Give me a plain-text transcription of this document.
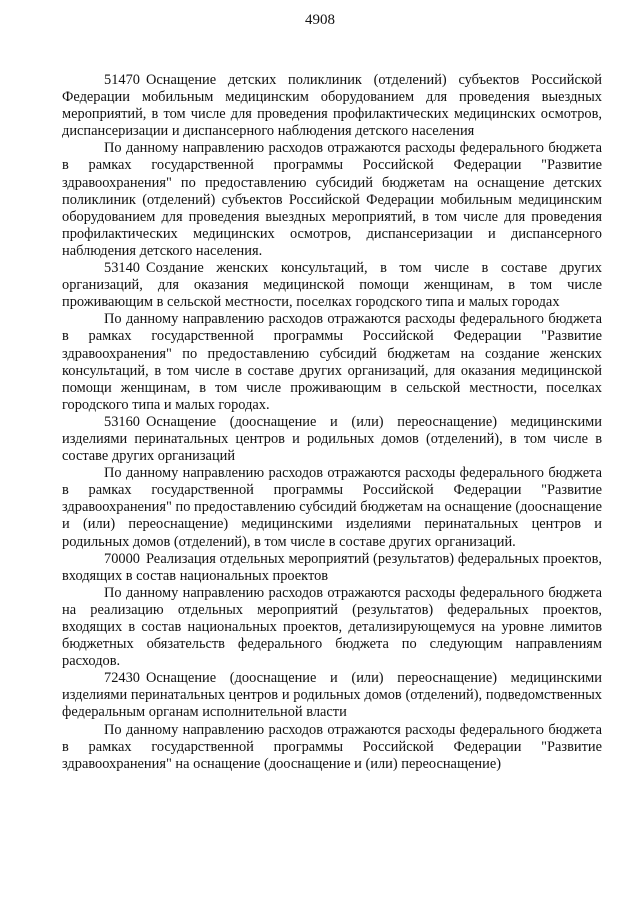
4908

51470 Оснащение детских поликлиник (отделений) субъектов Российской Федерации мобильным медицинским оборудованием для проведения выездных мероприятий, в том числе для проведения профилактических медицинских осмотров, диспансеризации и диспансерного наблюдения детского населения

По данному направлению расходов отражаются расходы федерального бюджета в рамках государственной программы Российской Федерации "Развитие здравоохранения" по предоставлению субсидий бюджетам на оснащение детских поликлиник (отделений) субъектов Российской Федерации мобильным медицинским оборудованием для проведения выездных мероприятий, в том числе для проведения профилактических медицинских осмотров, диспансеризации и диспансерного наблюдения детского населения.

53140 Создание женских консультаций, в том числе в составе других организаций, для оказания медицинской помощи женщинам, в том числе проживающим в сельской местности, поселках городского типа и малых городах

По данному направлению расходов отражаются расходы федерального бюджета в рамках государственной программы Российской Федерации "Развитие здравоохранения" по предоставлению субсидий бюджетам на создание женских консультаций, в том числе в составе других организаций, для оказания медицинской помощи женщинам, в том числе проживающим в сельской местности, поселках городского типа и малых городах.

53160 Оснащение (дооснащение и (или) переоснащение) медицинскими изделиями перинатальных центров и родильных домов (отделений), в том числе в составе других организаций

По данному направлению расходов отражаются расходы федерального бюджета в рамках государственной программы Российской Федерации "Развитие здравоохранения" по предоставлению субсидий бюджетам на оснащение (дооснащение и (или) переоснащение) медицинскими изделиями перинатальных центров и родильных домов (отделений), в том числе в составе других организаций.

70000 Реализация отдельных мероприятий (результатов) федеральных проектов, входящих в состав национальных проектов

По данному направлению расходов отражаются расходы федерального бюджета на реализацию отдельных мероприятий (результатов) федеральных проектов, входящих в состав национальных проектов, детализирующемуся на уровне лимитов бюджетных обязательств федерального бюджета по следующим направлениям расходов.

72430 Оснащение (дооснащение и (или) переоснащение) медицинскими изделиями перинатальных центров и родильных домов (отделений), подведомственных федеральным органам исполнительной власти

По данному направлению расходов отражаются расходы федерального бюджета в рамках государственной программы Российской Федерации "Развитие здравоохранения" на оснащение (дооснащение и (или) переоснащение)
